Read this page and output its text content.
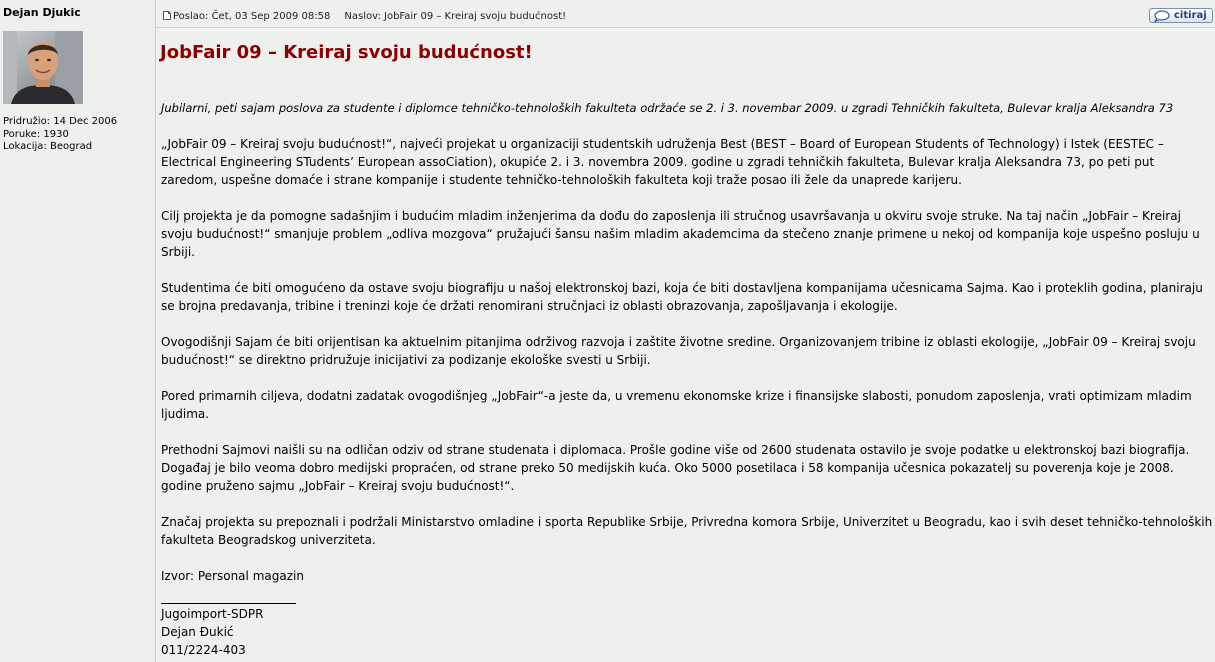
Dejan Djukic
Pridružio: 14 Dec 2006
Poruke: 1930
Lokacija: Beograd
Poslao: Čet, 03 Sep 2009 08:58 Naslov: JobFair 09 – Kreiraj svoju budućnost!	citiraj
JobFair 09 – Kreiraj svoju budućnost!

Jubilarni, peti sajam poslova za studente i diplomce tehničko-tehnoloških fakulteta održaće se 2. i 3. novembar 2009. u zgradi Tehničkih fakulteta, Bulevar kralja Aleksandra 73

„JobFair 09 – Kreiraj svoju budućnost!“, najveći projekat u organizaciji studentskih udruženja Best (BEST – Board of European Students of Technology) i Istek (EESTEC – Electrical Engineering STudents’ European assoCiation), okupiće 2. i 3. novembra 2009. godine u zgradi tehničkih fakulteta, Bulevar kralja Aleksandra 73, po peti put zaredom, uspešne domaće i strane kompanije i studente tehničko-tehnoloških fakulteta koji traže posao ili žele da unaprede karijeru.

Cilj projekta je da pomogne sadašnjim i budućim mladim inženjerima da dođu do zaposlenja ili stručnog usavršavanja u okviru svoje struke. Na taj način „JobFair – Kreiraj svoju budućnost!“ smanjuje problem „odliva mozgova“ pružajući šansu našim mladim akademcima da stečeno znanje primene u nekoj od kompanija koje uspešno posluju u Srbiji.

Studentima će biti omogućeno da ostave svoju biografiju u našoj elektronskoj bazi, koja će biti dostavljena kompanijama učesnicama Sajma. Kao i proteklih godina, planiraju se brojna predavanja, tribine i treninzi koje će držati renomirani stručnjaci iz oblasti obrazovanja, zapošljavanja i ekologije.

Ovogodišnji Sajam će biti orijentisan ka aktuelnim pitanjima održivog razvoja i zaštite životne sredine. Organizovanjem tribine iz oblasti ekologije, „JobFair 09 – Kreiraj svoju budućnost!“ se direktno pridružuje inicijativi za podizanje ekološke svesti u Srbiji.

Pored primarnih ciljeva, dodatni zadatak ovogodišnjeg „JobFair“-a jeste da, u vremenu ekonomske krize i finansijske slabosti, ponudom zaposlenja, vrati optimizam mladim ljudima.

Prethodni Sajmovi naišli su na odličan odziv od strane studenata i diplomaca. Prošle godine više od 2600 studenata ostavilo je svoje podatke u elektronskoj bazi biografija. Događaj je bilo veoma dobro medijski propraćen, od strane preko 50 medijskih kuća. Oko 5000 posetilaca i 58 kompanija učesnica pokazatelj su poverenja koje je 2008. godine pruženo sajmu „JobFair – Kreiraj svoju budućnost!“.

Značaj projekta su prepoznali i podržali Ministarstvo omladine i sporta Republike Srbije, Privredna komora Srbije, Univerzitet u Beogradu, kao i svih deset tehničko-tehnoloških fakulteta Beogradskog univerziteta.

Izvor: Personal magazin

Jugoimport-SDPR

Dejan Đukić

011/2224-403
